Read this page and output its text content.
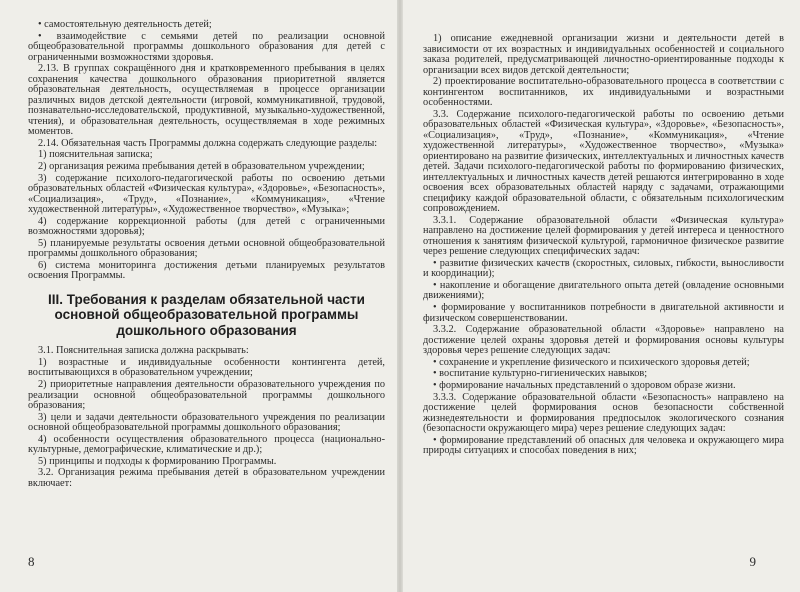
• самостоятельную деятельность детей;

• взаимодействие с семьями детей по реализации основной общеобразовательной программы дошкольного образования для детей с ограниченными возможностями здоровья.

2.13. В группах сокращённого дня и кратковременного пребывания в целях сохранения качества дошкольного образования приоритетной является образовательная деятельность, осуществляемая в процессе организации различных видов детской деятельности (игровой, коммуникативной, трудовой, познавательно-исследовательской, продуктивной, музыкально-художественной, чтения), и образовательная деятельность, осуществляемая в ходе режимных моментов.

2.14. Обязательная часть Программы должна содержать следующие разделы:

1) пояснительная записка;

2) организация режима пребывания детей в образовательном учреждении;

3) содержание психолого-педагогической работы по освоению детьми образовательных областей «Физическая культура», «Здоровье», «Безопасность», «Социализация», «Труд», «Познание», «Коммуникация», «Чтение художественной литературы», «Художественное творчество», «Музыка»;

4) содержание коррекционной работы (для детей с ограниченными возможностями здоровья);

5) планируемые результаты освоения детьми основной общеобразовательной программы дошкольного образования;

6) система мониторинга достижения детьми планируемых результатов освоения Программы.

III. Требования к разделам обязательной части основной общеобразовательной программы дошкольного образования

3.1. Пояснительная записка должна раскрывать:

1) возрастные и индивидуальные особенности контингента детей, воспитывающихся в образовательном учреждении;

2) приоритетные направления деятельности образовательного учреждения по реализации основной общеобразовательной программы дошкольного образования;

3) цели и задачи деятельности образовательного учреждения по реализации основной общеобразовательной программы дошкольного образования;

4) особенности осуществления образовательного процесса (национально-культурные, демографические, климатические и др.);

5) принципы и подходы к формированию Программы.

3.2. Организация режима пребывания детей в образовательном учреждении включает:

8

1) описание ежедневной организации жизни и деятельности детей в зависимости от их возрастных и индивидуальных особенностей и социального заказа родителей, предусматривающей личностно-ориентированные подходы к организации всех видов детской деятельности;

2) проектирование воспитательно-образовательного процесса в соответствии с контингентом воспитанников, их индивидуальными и возрастными особенностями.

3.3. Содержание психолого-педагогической работы по освоению детьми образовательных областей «Физическая культура», «Здоровье», «Безопасность», «Социализация», «Труд», «Познание», «Коммуникация», «Чтение художественной литературы», «Художественное творчество», «Музыка» ориентировано на развитие физических, интеллектуальных и личностных качеств детей. Задачи психолого-педагогической работы по формированию физических, интеллектуальных и личностных качеств детей решаются интегрированно в ходе освоения всех образовательных областей наряду с задачами, отражающими специфику каждой образовательной области, с обязательным психологическим сопровождением.

3.3.1. Содержание образовательной области «Физическая культура» направлено на достижение целей формирования у детей интереса и ценностного отношения к занятиям физической культурой, гармоничное физическое развитие через решение следующих специфических задач:

• развитие физических качеств (скоростных, силовых, гибкости, выносливости и координации);

• накопление и обогащение двигательного опыта детей (овладение основными движениями);

• формирование у воспитанников потребности в двигательной активности и физическом совершенствовании.

3.3.2. Содержание образовательной области «Здоровье» направлено на достижение целей охраны здоровья детей и формирования основы культуры здоровья через решение следующих задач:

• сохранение и укрепление физического и психического здоровья детей;

• воспитание культурно-гигиенических навыков;

• формирование начальных представлений о здоровом образе жизни.

3.3.3. Содержание образовательной области «Безопасность» направлено на достижение целей формирования основ безопасности собственной жизнедеятельности и формирования предпосылок экологического сознания (безопасности окружающего мира) через решение следующих задач:

• формирование представлений об опасных для человека и окружающего мира природы ситуациях и способах поведения в них;

9
